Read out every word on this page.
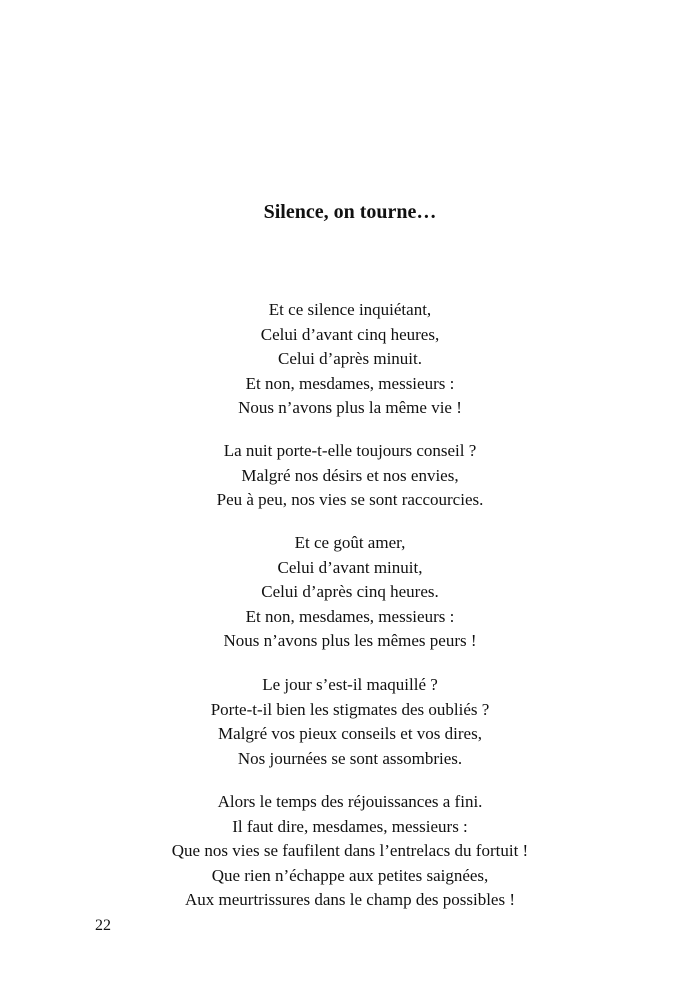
Silence, on tourne…
Et ce silence inquiétant,
Celui d’avant cinq heures,
Celui d’après minuit.
Et non, mesdames, messieurs :
Nous n’avons plus la même vie !
La nuit porte-t-elle toujours conseil ?
Malgré nos désirs et nos envies,
Peu à peu, nos vies se sont raccourcies.
Et ce goût amer,
Celui d’avant minuit,
Celui d’après cinq heures.
Et non, mesdames, messieurs :
Nous n’avons plus les mêmes peurs !
Le jour s’est-il maquillé ?
Porte-t-il bien les stigmates des oubliés ?
Malgré vos pieux conseils et vos dires,
Nos journées se sont assombries.
Alors le temps des réjouissances a fini.
Il faut dire, mesdames, messieurs :
Que nos vies se faufilent dans l’entrelacs du fortuit !
Que rien n’échappe aux petites saignées,
Aux meurtrissures dans le champ des possibles !
22
